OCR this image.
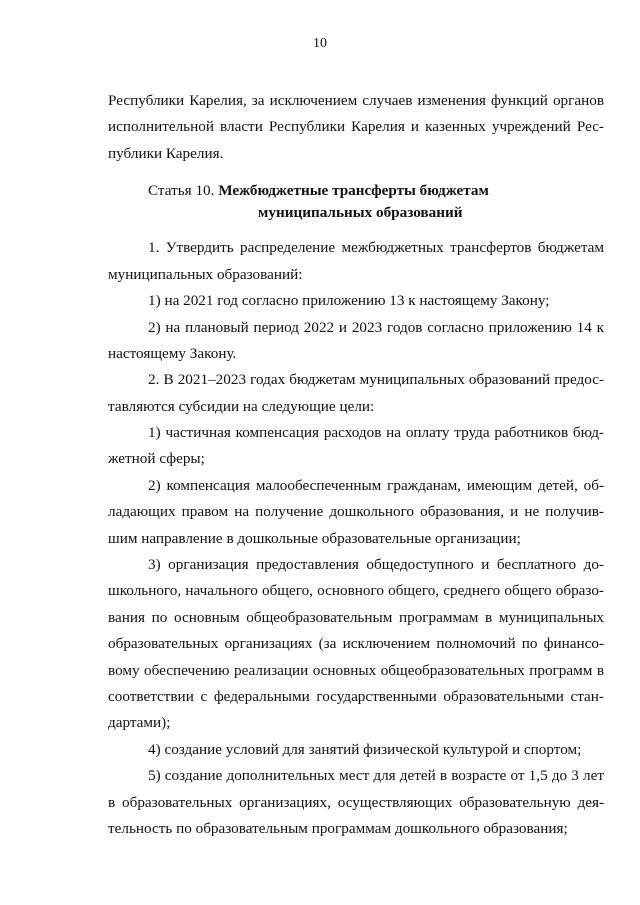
10
Республики Карелия, за исключением случаев изменения функций органов
исполнительной власти Республики Карелия и казенных учреждений Рес-
публики Карелия.
Статья 10. Межбюджетные трансферты бюджетам
муниципальных образований
1. Утвердить распределение межбюджетных трансфертов бюджетам
муниципальных образований:
1) на 2021 год согласно приложению 13 к настоящему Закону;
2) на плановый период 2022 и 2023 годов согласно приложению 14 к
настоящему Закону.
2. В 2021–2023 годах бюджетам муниципальных образований предос-
тавляются субсидии на следующие цели:
1) частичная компенсация расходов на оплату труда работников бюд-
жетной сферы;
2) компенсация малообеспеченным гражданам, имеющим детей, об-
ладающих правом на получение дошкольного образования, и не получив-
шим направление в дошкольные образовательные организации;
3) организация предоставления общедоступного и бесплатного до-
школьного, начального общего, основного общего, среднего общего образо-
вания по основным общеобразовательным программам в муниципальных
образовательных организациях (за исключением полномочий по финансо-
вому обеспечению реализации основных общеобразовательных программ в
соответствии с федеральными государственными образовательными стан-
дартами);
4) создание условий для занятий физической культурой и спортом;
5) создание дополнительных мест для детей в возрасте от 1,5 до 3 лет
в образовательных организациях, осуществляющих образовательную дея-
тельность по образовательным программам дошкольного образования;
